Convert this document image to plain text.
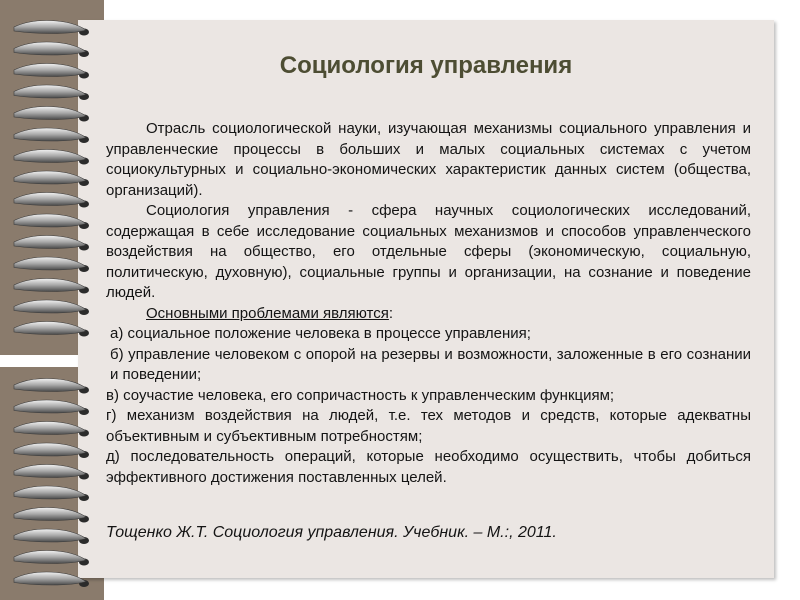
Социология управления

Отрасль социологической науки, изучающая механизмы социального управления и управленческие процессы в больших и малых социальных системах с учетом социокультурных и социально-экономических характеристик данных систем (общества, организаций).

Социология управления - сфера научных социологических исследований, содержащая в себе исследование социальных механизмов и способов управленческого воздействия на общество, его отдельные сферы (экономическую, социальную, политическую, духовную), социальные группы и организации, на сознание и поведение людей.

Основными проблемами являются:

а) социальное положение человека в процессе управления;

б) управление человеком с опорой на резервы и возможности, заложенные в его сознании и поведении;

в) соучастие человека, его сопричастность к управленческим функциям;

г) механизм воздействия на людей, т.е. тех методов и средств, которые адекватны объективным и субъективным потребностям;

д) последовательность операций, которые необходимо осуществить, чтобы добиться эффективного достижения поставленных целей.

Тощенко Ж.Т. Социология управления. Учебник. – М.:, 2011.
